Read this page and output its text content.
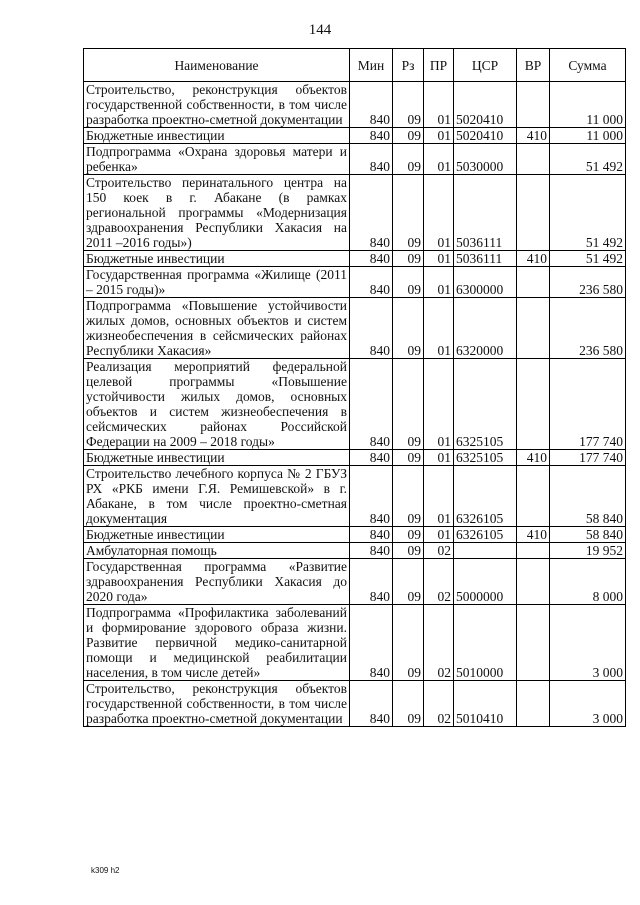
144
Наименование	Мин	Рз	ПР	ЦСР	ВР	Сумма
Строительство, реконструкция объектов государственной собственности, в том числе разработка проектно-сметной документации	840	09	01	5020410		11 000
Бюджетные инвестиции	840	09	01	5020410	410	11 000
Подпрограмма «Охрана здоровья матери и ребенка»	840	09	01	5030000		51 492
Строительство перинатального центра на 150 коек в г. Абакане (в рамках региональной программы «Модернизация здравоохранения Республики Хакасия на 2011 –2016 годы»)	840	09	01	5036111		51 492
Бюджетные инвестиции	840	09	01	5036111	410	51 492
Государственная программа «Жилище (2011 – 2015 годы)»	840	09	01	6300000		236 580
Подпрограмма «Повышение устойчивости жилых домов, основных объектов и систем жизнеобеспечения в сейсмических районах Республики Хакасия»	840	09	01	6320000		236 580
Реализация мероприятий федеральной целевой программы «Повышение устойчивости жилых домов, основных объектов и систем жизнеобеспечения в сейсмических районах Российской Федерации на 2009 – 2018 годы»	840	09	01	6325105		177 740
Бюджетные инвестиции	840	09	01	6325105	410	177 740
Строительство лечебного корпуса № 2 ГБУЗ РХ «РКБ имени Г.Я. Ремишевской» в г. Абакане, в том числе проектно-сметная документация	840	09	01	6326105		58 840
Бюджетные инвестиции	840	09	01	6326105	410	58 840
Амбулаторная помощь	840	09	02			19 952
Государственная программа «Развитие здравоохранения Республики Хакасия до 2020 года»	840	09	02	5000000		8 000
Подпрограмма «Профилактика заболеваний и формирование здорового образа жизни. Развитие первичной медико-санитарной помощи и медицинской реабилитации населения, в том числе детей»	840	09	02	5010000		3 000
Строительство, реконструкция объектов государственной собственности, в том числе разработка проектно-сметной документации	840	09	02	5010410		3 000
k309 h2
